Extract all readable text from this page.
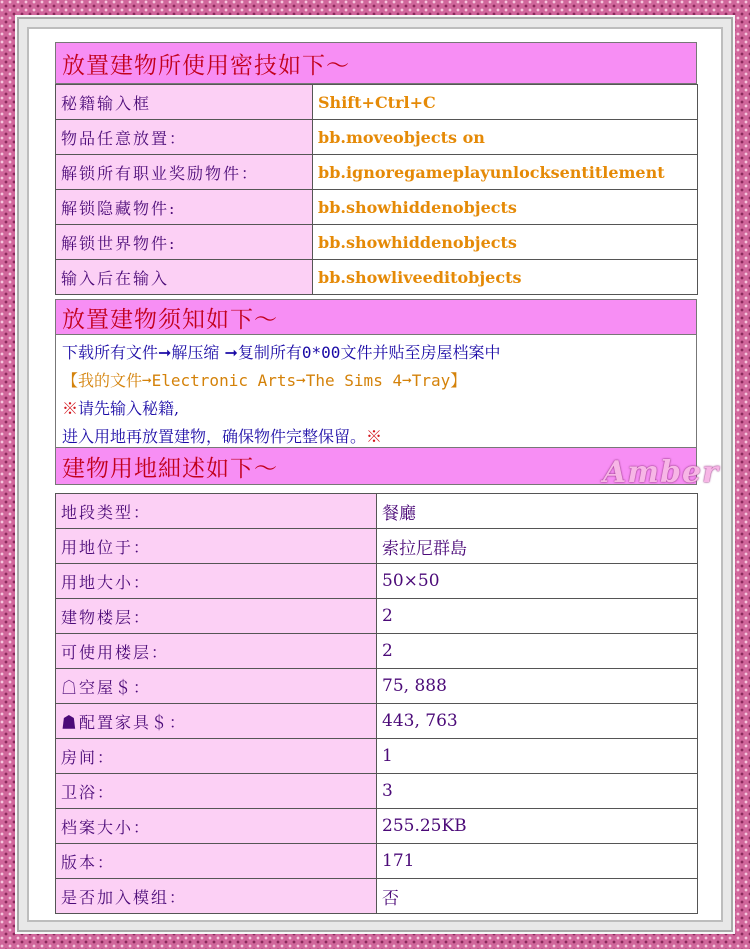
放置建物所使用密技如下～
秘籍输入框	Shift+Ctrl+C
物品任意放置：	bb.moveobjects on
解锁所有职业奖励物件：	bb.ignoregameplayunlocksentitlement
解锁隐藏物件:	bb.showhiddenobjects
解锁世界物件:	bb.showhiddenobjects
输入后在输入	bb.showliveeditobjects
放置建物须知如下～
下载所有文件➞解压缩 ➞复制所有0*00文件并贴至房屋档案中
【我的文件➞Electronic Arts➞The Sims 4➞Tray】
※请先输入秘籍,
进入用地再放置建物，确保物件完整保留。※
建物用地細述如下～
地段类型：	餐廳
用地位于：	索拉尼群島
用地大小：	50×50
建物楼层：	2
可使用楼层：	2
☖空屋＄：	75, 888
☗配置家具＄：	443, 763
房间：	1
卫浴：	3
档案大小：	255.25KB
版本：	171
是否加入模组：	否
Amber
